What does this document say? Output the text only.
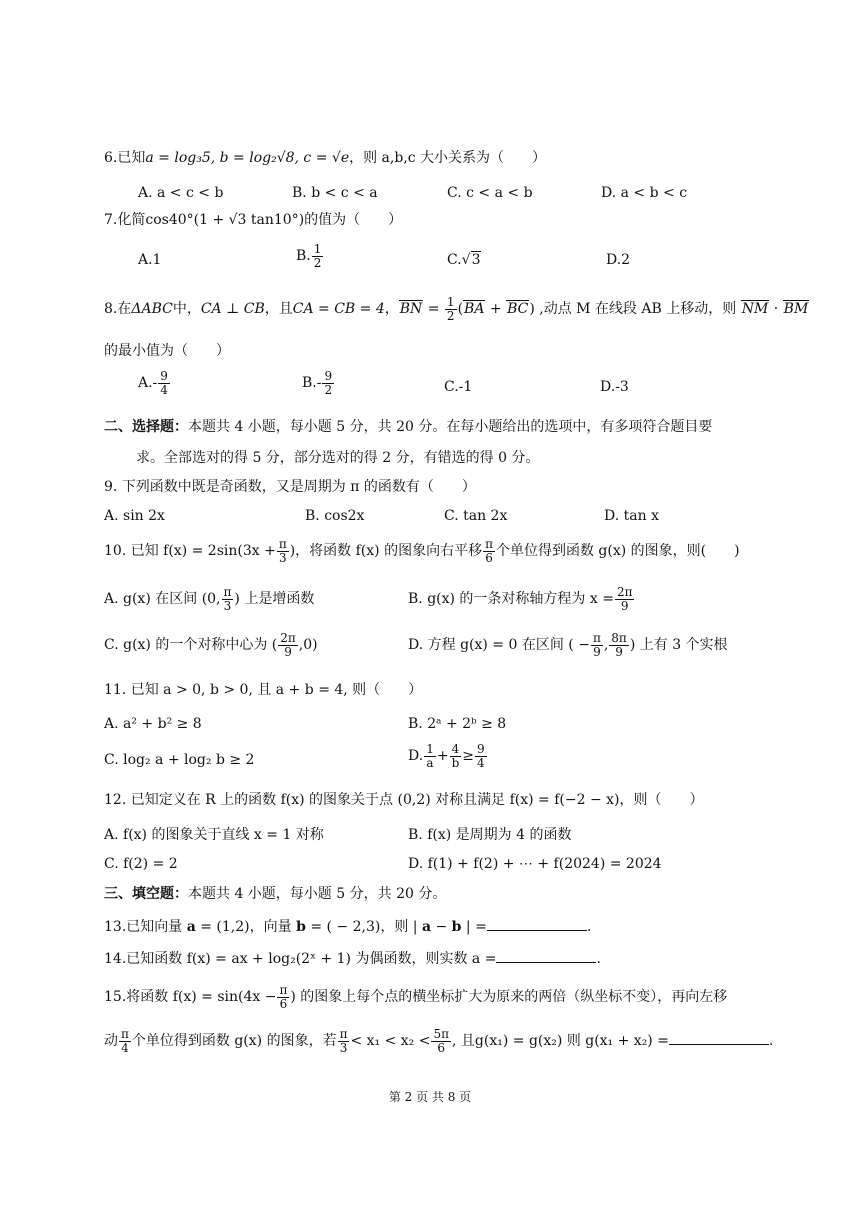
6.已知a = log₃5, b = log₂√8, c = √e，则 a,b,c 大小关系为（　　）
A. a < c < b	B. b < c < a	C. c < a < b	D. a < b < c
7.化简cos40°(1 + √3 tan10°)的值为（　　）
A.1	B. $\frac{1}{2}$	C.√3	D.2
8.在ΔABC中，CA ⊥ CB，且CA = CB = 4，BN = $\frac{1}{2} (BA + BC)$ ,动点 M 在线段 AB 上移动，则 NM · BM
的最小值为（　　）
$A.- \frac{9}{4}$	$B.- \frac{9}{2}$	C.-1	D.-3
二、选择题：本题共 4 小题，每小题 5 分，共 20 分。在每小题给出的选项中，有多项符合题目要
求。全部选对的得 5 分，部分选对的得 2 分，有错选的得 0 分。
9. 下列函数中既是奇函数，又是周期为 π 的函数有（　　）
A. sin 2x	B. cos2x	C. tan 2x	D. tan x
10. 已知 $f(x) = 2\sin(3x + \frac{\pi}{3}$ )，将函数 f(x) 的图象向右平移 $\frac{\pi}{6}$ 个单位得到函数 g(x) 的图象，则(　　)
A. g(x) 在区间 (0, $\frac{\pi}{3}$ ) 上是增函数	B. g(x) 的一条对称轴方程为 $x = \frac{2\pi}{9}$
C. g(x) 的一个对称中心为 ( $\frac{2\pi}{9} ,0$)	D. 方程 g(x) = 0 在区间 ( − $\frac{\pi}{9}$ , $\frac{8\pi}{9}$ ) 上有 3 个实根
11. 已知 a > 0, b > 0, 且 a + b = 4, 则（　　）
A. a² + b² ≥ 8	B. 2ᵃ + 2ᵇ ≥ 8
C. log₂ a + log₂ b ≥ 2	D. $\frac{1}{a} + \frac{4}{b} \ge \frac{9}{4}$
12. 已知定义在 R 上的函数 f(x) 的图象关于点 (0,2) 对称且满足 f(x) = f(−2 − x)，则（　　）
A. f(x) 的图象关于直线 x = 1 对称	B. f(x) 是周期为 4 的函数
C. f(2) = 2	D. f(1) + f(2) + ⋯ + f(2024) = 2024
三、填空题：本题共 4 小题，每小题 5 分，共 20 分。
13.已知向量 a = (1,2)，向量 b = ( − 2,3)，则 | a − b | =	.
14.已知函数 f(x) = ax + log₂(2ˣ + 1) 为偶函数，则实数 a =	.
15.将函数 $f(x) = \sin(4x - \frac{\pi}{6}$ ) 的图象上每个点的横坐标扩大为原来的两倍（纵坐标不变），再向左移
动 $\frac{\pi}{4}$ 个单位得到函数 g(x) 的图象，若 $\frac{\pi}{3} < x_1 < x_2 < \frac{5\pi}{6}$ , 且g(x₁) = g(x₂) 则 g(x₁ + x₂) =	.
第 2 页 共 8 页
